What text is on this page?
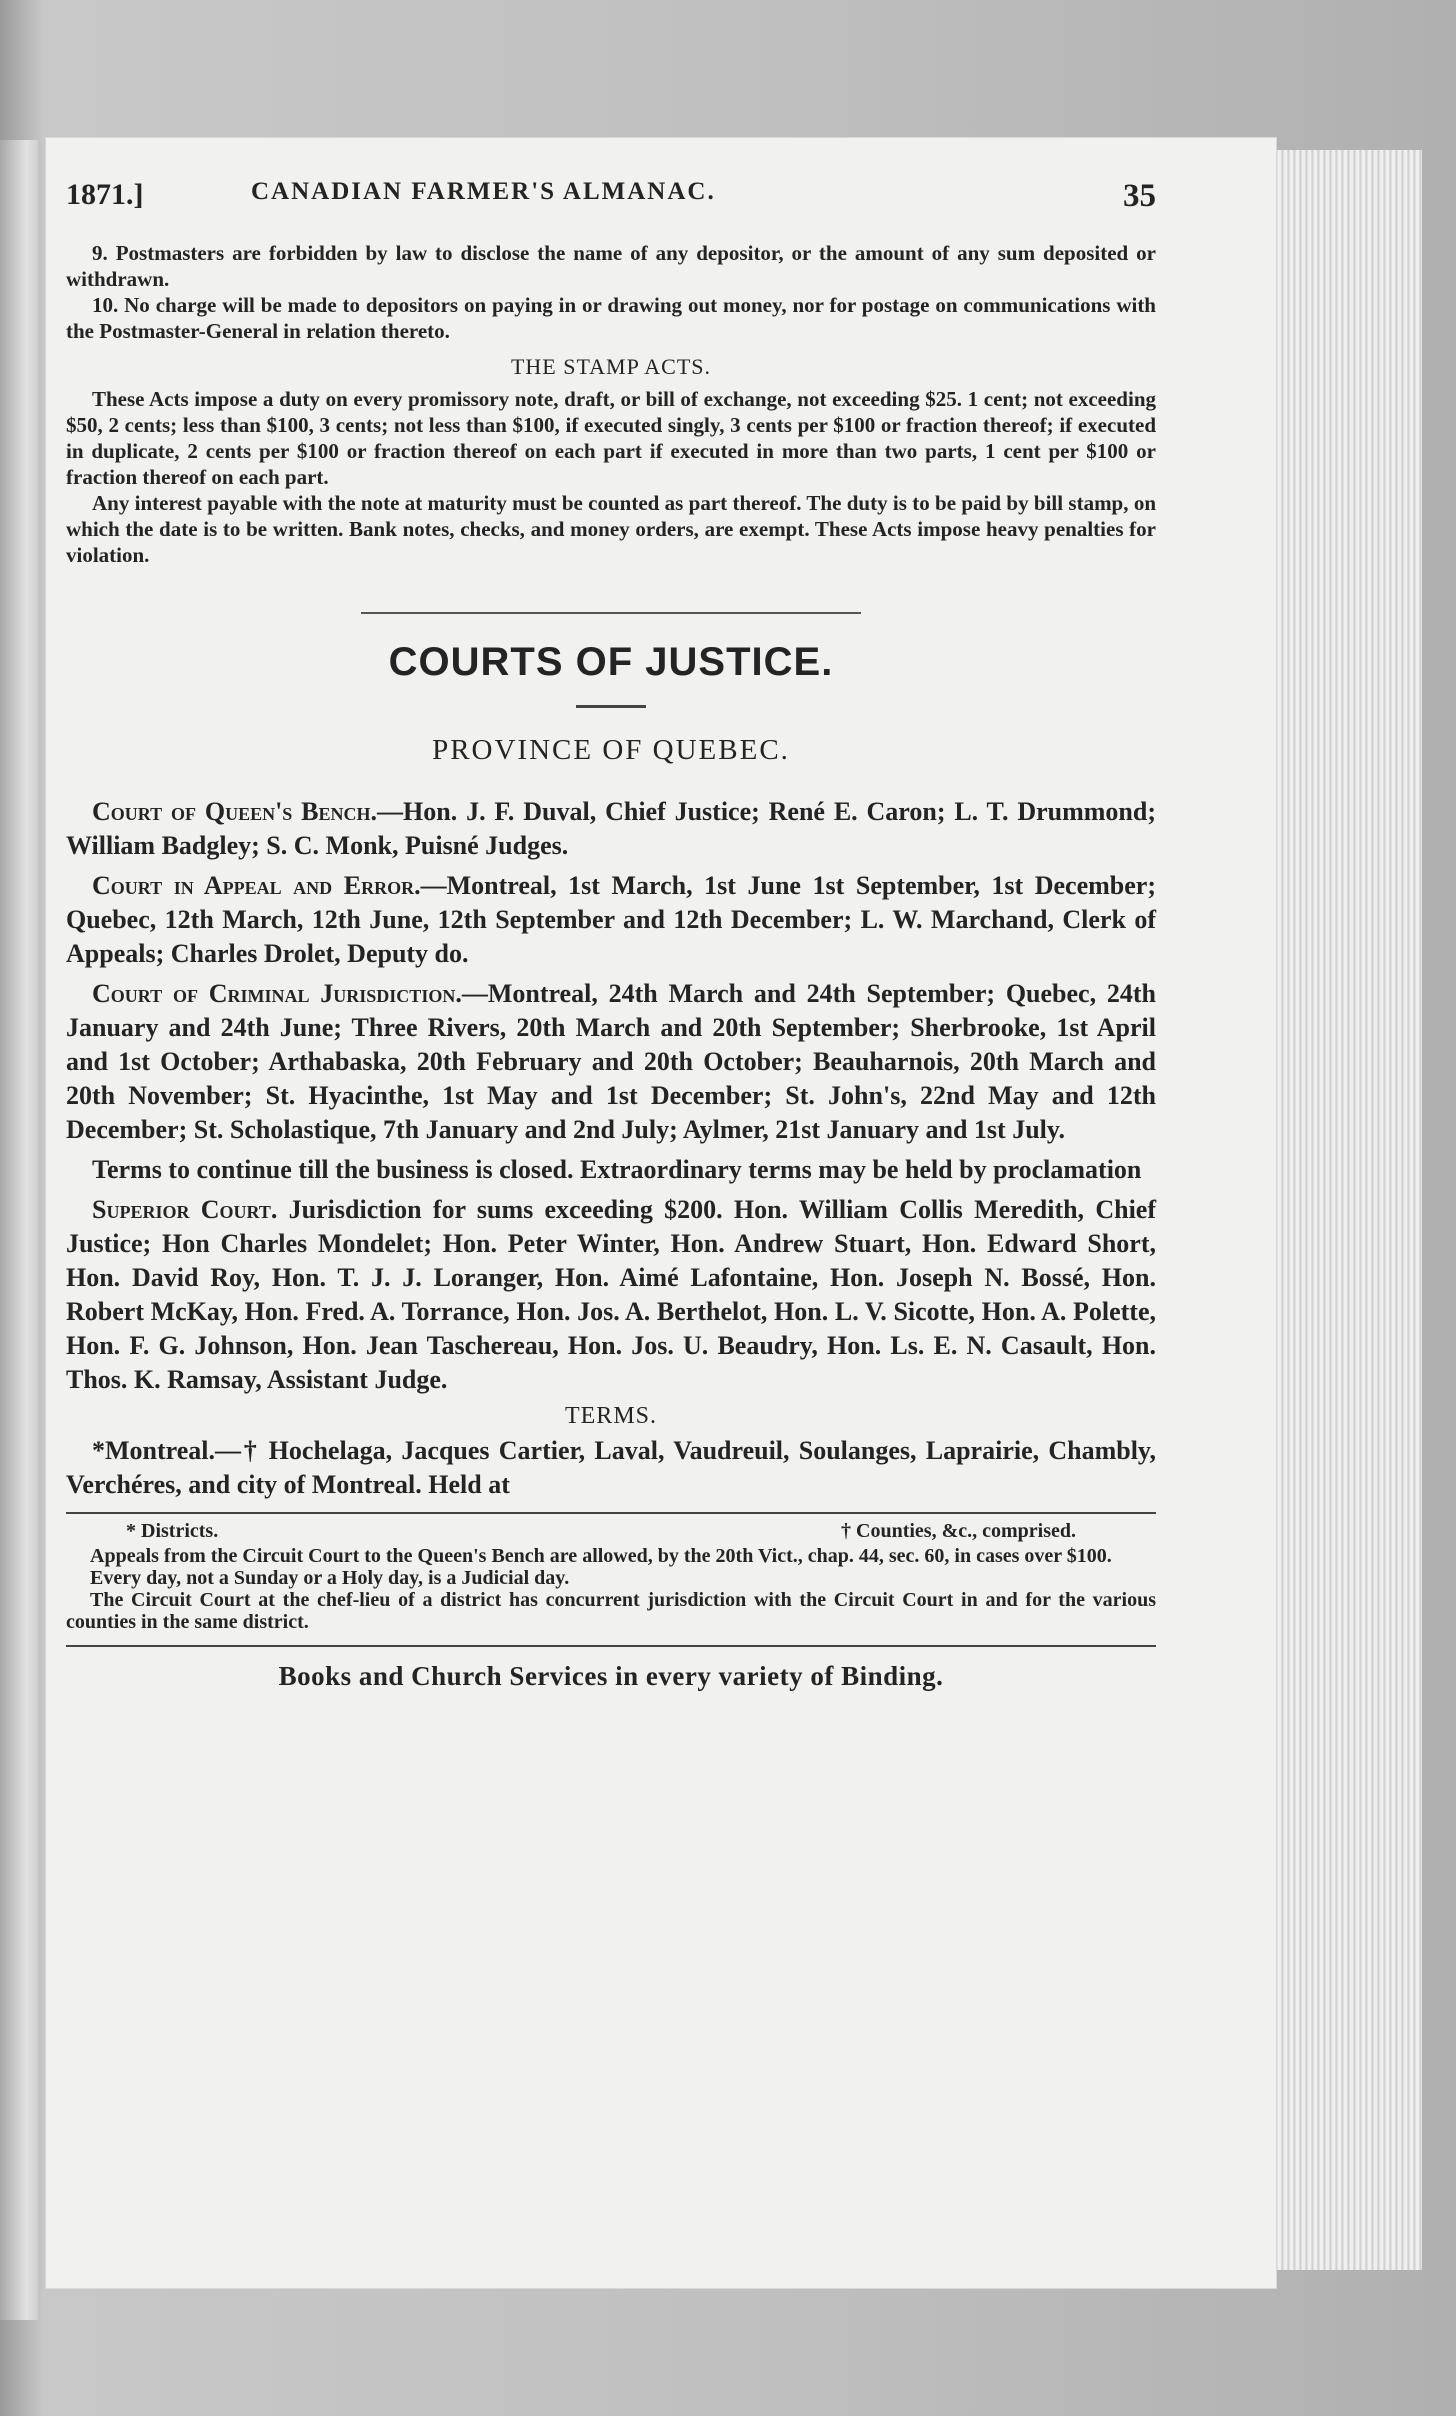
1871.]	CANADIAN FARMER'S ALMANAC.	35

9. Postmasters are forbidden by law to disclose the name of any depositor, or the amount of any sum deposited or withdrawn.

10. No charge will be made to depositors on paying in or drawing out money, nor for postage on communications with the Postmaster-General in relation thereto.

THE STAMP ACTS.

These Acts impose a duty on every promissory note, draft, or bill of exchange, not exceeding $25. 1 cent; not exceeding $50, 2 cents; less than $100, 3 cents; not less than $100, if executed singly, 3 cents per $100 or fraction thereof; if executed in duplicate, 2 cents per $100 or fraction thereof on each part if executed in more than two parts, 1 cent per $100 or fraction thereof on each part.

Any interest payable with the note at maturity must be counted as part thereof. The duty is to be paid by bill stamp, on which the date is to be written. Bank notes, checks, and money orders, are exempt. These Acts impose heavy penalties for violation.

COURTS OF JUSTICE.

PROVINCE OF QUEBEC.

Court of Queen's Bench.—Hon. J. F. Duval, Chief Justice; René E. Caron; L. T. Drummond; William Badgley; S. C. Monk, Puisné Judges.

Court in Appeal and Error.—Montreal, 1st March, 1st June 1st September, 1st December; Quebec, 12th March, 12th June, 12th September and 12th December; L. W. Marchand, Clerk of Appeals; Charles Drolet, Deputy do.

Court of Criminal Jurisdiction.—Montreal, 24th March and 24th September; Quebec, 24th January and 24th June; Three Rivers, 20th March and 20th September; Sherbrooke, 1st April and 1st October; Arthabaska, 20th February and 20th October; Beauharnois, 20th March and 20th November; St. Hyacinthe, 1st May and 1st December; St. John's, 22nd May and 12th December; St. Scholastique, 7th January and 2nd July; Aylmer, 21st January and 1st July.

Terms to continue till the business is closed. Extraordinary terms may be held by proclamation

Superior Court. Jurisdiction for sums exceeding $200. Hon. William Collis Meredith, Chief Justice; Hon Charles Mondelet; Hon. Peter Winter, Hon. Andrew Stuart, Hon. Edward Short, Hon. David Roy, Hon. T. J. J. Loranger, Hon. Aimé Lafontaine, Hon. Joseph N. Bossé, Hon. Robert McKay, Hon. Fred. A. Torrance, Hon. Jos. A. Berthelot, Hon. L. V. Sicotte, Hon. A. Polette, Hon. F. G. Johnson, Hon. Jean Taschereau, Hon. Jos. U. Beaudry, Hon. Ls. E. N. Casault, Hon. Thos. K. Ramsay, Assistant Judge.

TERMS.

*Montreal.—† Hochelaga, Jacques Cartier, Laval, Vaudreuil, Soulanges, Laprairie, Chambly, Verchéres, and city of Montreal. Held at

* Districts.	† Counties, &c., comprised.

Appeals from the Circuit Court to the Queen's Bench are allowed, by the 20th Vict., chap. 44, sec. 60, in cases over $100.

Every day, not a Sunday or a Holy day, is a Judicial day.

The Circuit Court at the chef-lieu of a district has concurrent jurisdiction with the Circuit Court in and for the various counties in the same district.

Books and Church Services in every variety of Binding.
